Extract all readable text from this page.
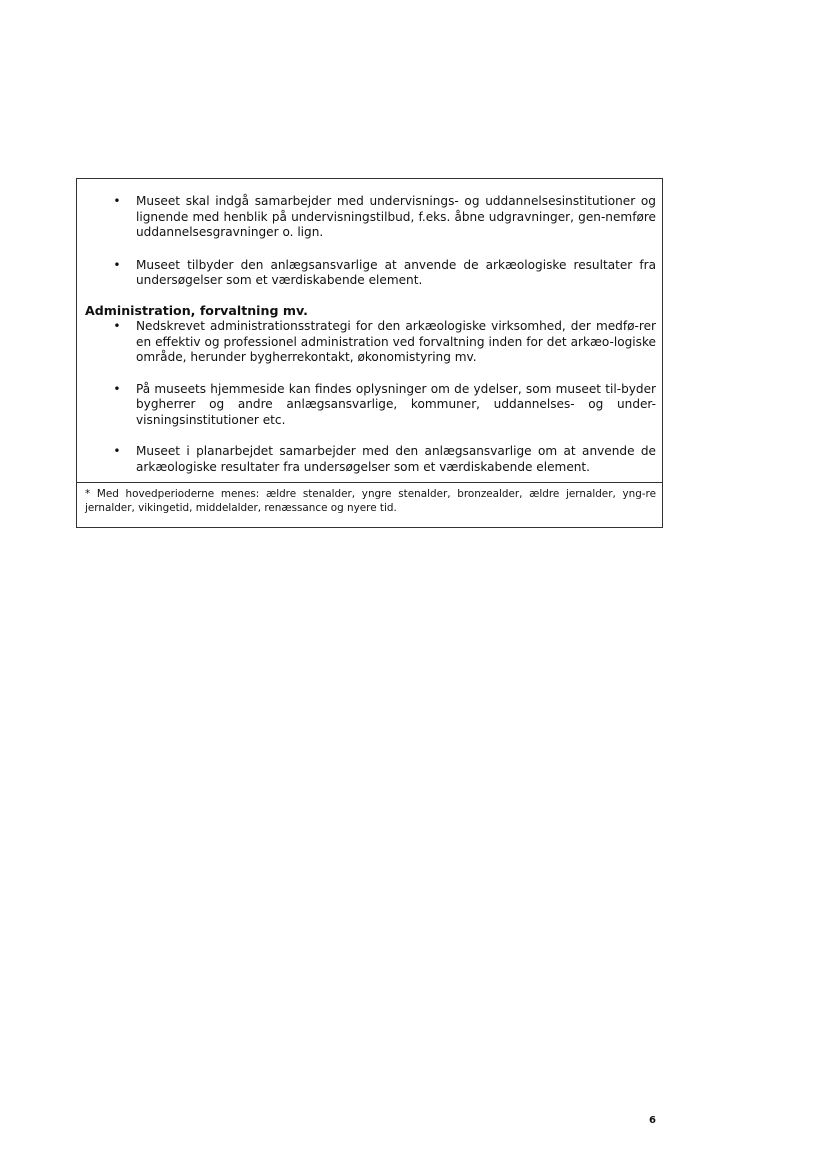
• Museet skal indgå samarbejder med undervisnings- og uddannelsesinstitutioner og lignende med henblik på undervisningstilbud, f.eks. åbne udgravninger, gen-nemføre uddannelsesgravninger o. lign.
• Museet tilbyder den anlægsansvarlige at anvende de arkæologiske resultater fra undersøgelser som et værdiskabende element.
Administration, forvaltning mv.
• Nedskrevet administrationsstrategi for den arkæologiske virksomhed, der medfø-rer en effektiv og professionel administration ved forvaltning inden for det arkæo-logiske område, herunder bygherrekontakt, økonomistyring mv.
• På museets hjemmeside kan findes oplysninger om de ydelser, som museet til-byder bygherrer og andre anlægsansvarlige, kommuner, uddannelses- og under-visningsinstitutioner etc.
• Museet i planarbejdet samarbejder med den anlægsansvarlige om at anvende de arkæologiske resultater fra undersøgelser som et værdiskabende element.
* Med hovedperioderne menes: ældre stenalder, yngre stenalder, bronzealder, ældre jernalder, yng-re jernalder, vikingetid, middelalder, renæssance og nyere tid.
6
